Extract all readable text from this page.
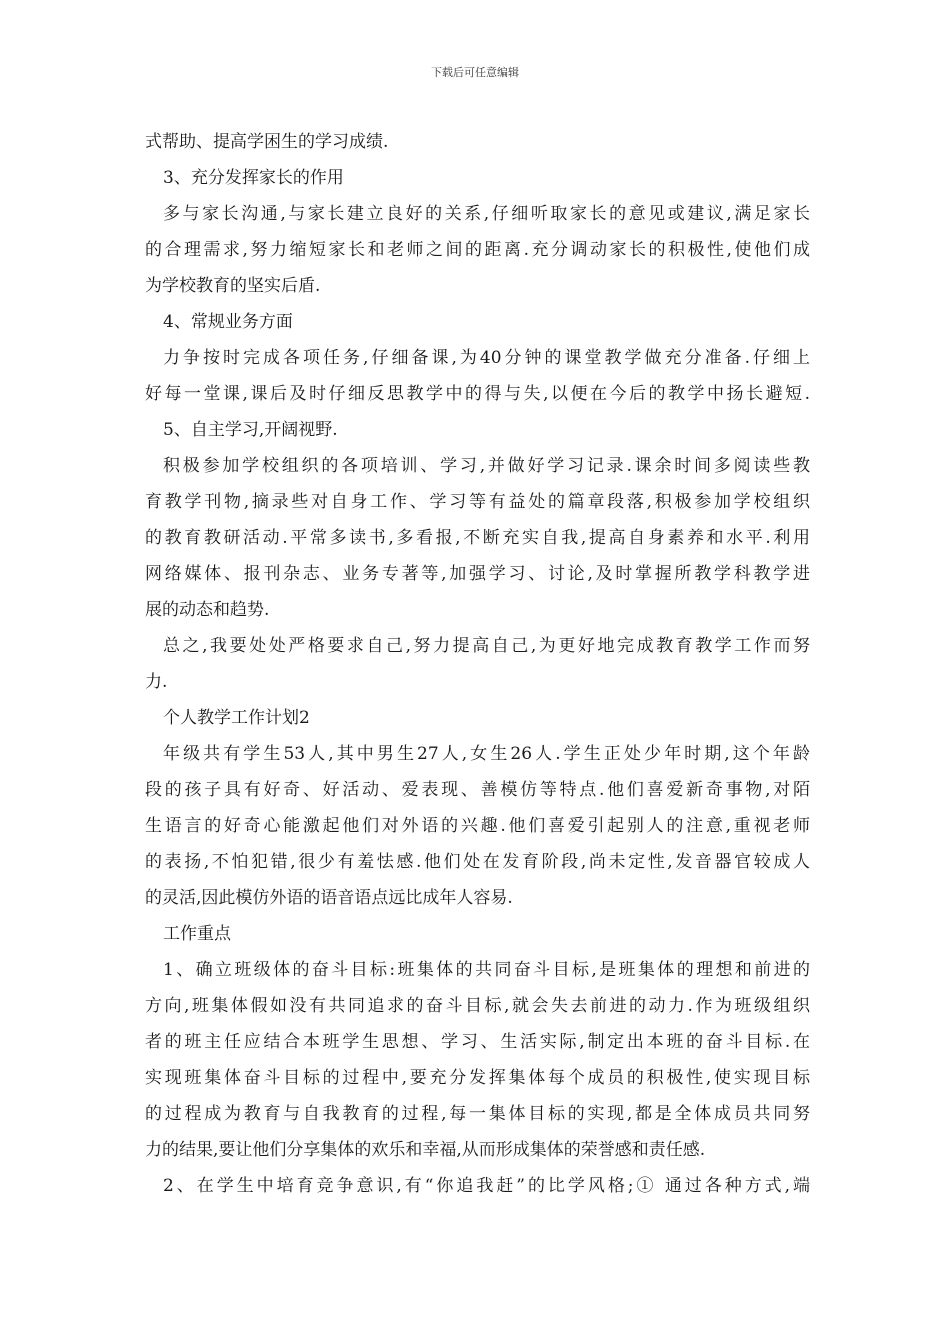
下载后可任意编辑
式帮助、提高学困生的学习成绩.
3、充分发挥家长的作用
多与家长沟通,与家长建立良好的关系,仔细听取家长的意见或建议,满足家长
的合理需求,努力缩短家长和老师之间的距离.充分调动家长的积极性,使他们成
为学校教育的坚实后盾.
4、常规业务方面
力争按时完成各项任务,仔细备课,为40分钟的课堂教学做充分准备.仔细上
好每一堂课,课后及时仔细反思教学中的得与失,以便在今后的教学中扬长避短.
5、自主学习,开阔视野.
积极参加学校组织的各项培训、学习,并做好学习记录.课余时间多阅读些教
育教学刊物,摘录些对自身工作、学习等有益处的篇章段落,积极参加学校组织
的教育教研活动.平常多读书,多看报,不断充实自我,提高自身素养和水平.利用
网络媒体、报刊杂志、业务专著等,加强学习、讨论,及时掌握所教学科教学进
展的动态和趋势.
总之,我要处处严格要求自己,努力提高自己,为更好地完成教育教学工作而努
力.
个人教学工作计划2
年级共有学生53人,其中男生27人,女生26人.学生正处少年时期,这个年龄
段的孩子具有好奇、好活动、爱表现、善模仿等特点.他们喜爱新奇事物,对陌
生语言的好奇心能激起他们对外语的兴趣.他们喜爱引起别人的注意,重视老师
的表扬,不怕犯错,很少有羞怯感.他们处在发育阶段,尚未定性,发音器官较成人
的灵活,因此模仿外语的语音语点远比成年人容易.
工作重点
1、确立班级体的奋斗目标:班集体的共同奋斗目标,是班集体的理想和前进的
方向,班集体假如没有共同追求的奋斗目标,就会失去前进的动力.作为班级组织
者的班主任应结合本班学生思想、学习、生活实际,制定出本班的奋斗目标.在
实现班集体奋斗目标的过程中,要充分发挥集体每个成员的积极性,使实现目标
的过程成为教育与自我教育的过程,每一集体目标的实现,都是全体成员共同努
力的结果,要让他们分享集体的欢乐和幸福,从而形成集体的荣誉感和责任感.
2、在学生中培育竞争意识,有“你追我赶”的比学风格;① 通过各种方式,端
